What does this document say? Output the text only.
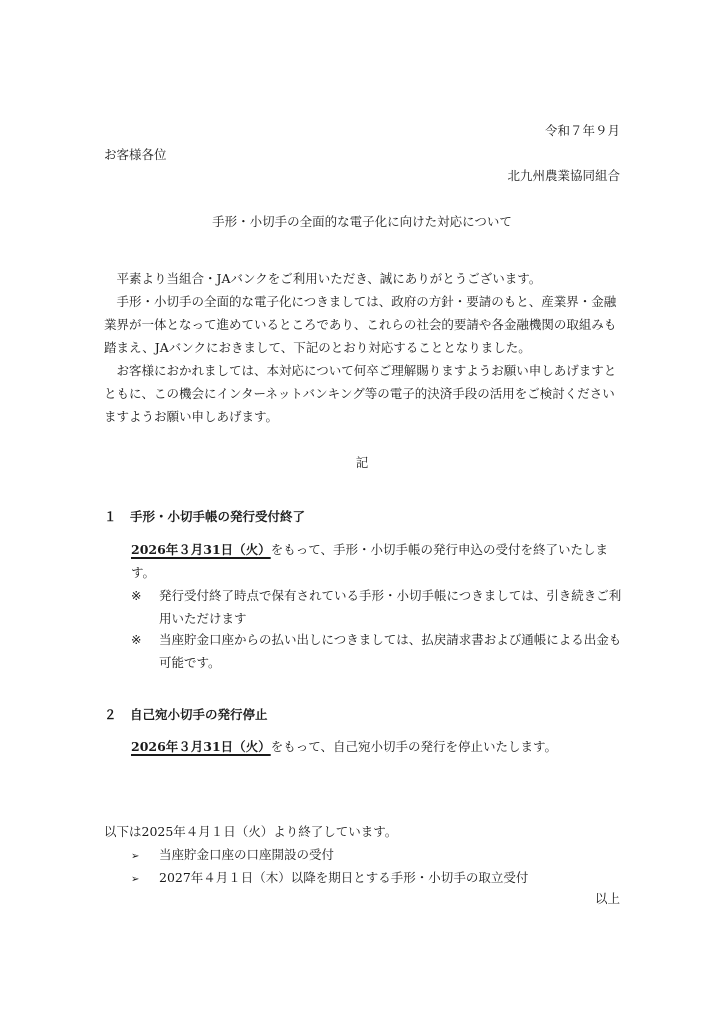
令和７年９月
お客様各位
北九州農業協同組合
手形・小切手の全面的な電子化に向けた対応について

平素より当組合・JAバンクをご利用いただき、誠にありがとうございます。

手形・小切手の全面的な電子化につきましては、政府の方針・要請のもと、産業界・金融業界が一体となって進めているところであり、これらの社会的要請や各金融機関の取組みも踏まえ、JAバンクにおきまして、下記のとおり対応することとなりました。

お客様におかれましては、本対応について何卒ご理解賜りますようお願い申しあげますとともに、この機会にインターネットバンキング等の電子的決済手段の活用をご検討くださいますようお願い申しあげます。

記
１ 手形・小切手帳の発行受付終了
2026年３月31日（火）をもって、手形・小切手帳の発行申込の受付を終了いたします。
※ 発行受付終了時点で保有されている手形・小切手帳につきましては、引き続きご利用いただけます
※ 当座貯金口座からの払い出しにつきましては、払戻請求書および通帳による出金も可能です。
２ 自己宛小切手の発行停止
2026年３月31日（火）をもって、自己宛小切手の発行を停止いたします。
以下は2025年４月１日（火）より終了しています。
➢ 当座貯金口座の口座開設の受付
➢ 2027年４月１日（木）以降を期日とする手形・小切手の取立受付
以上
